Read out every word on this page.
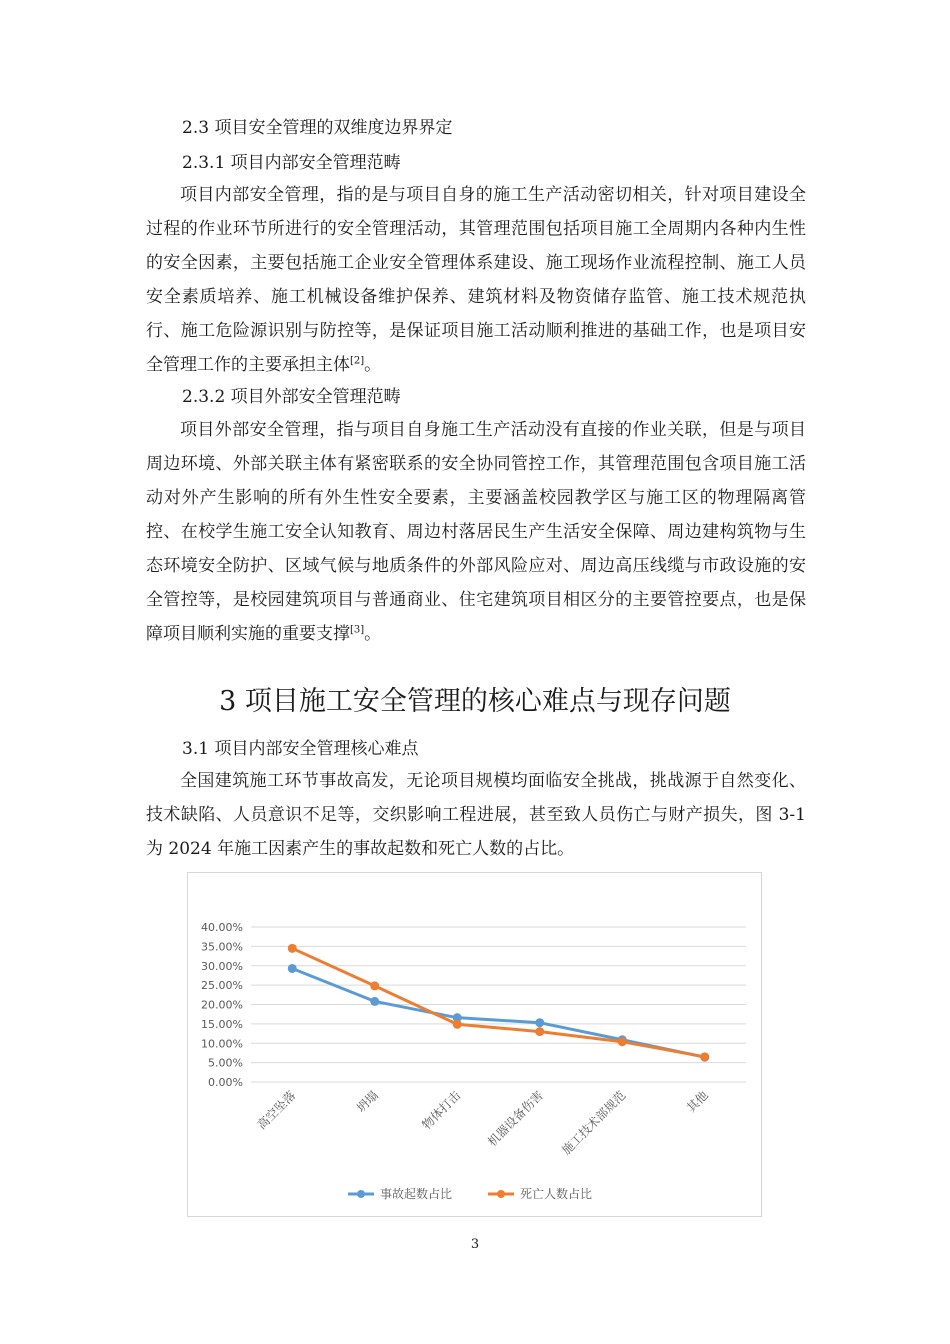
2.3 项目安全管理的双维度边界界定
2.3.1 项目内部安全管理范畴
项目内部安全管理，指的是与项目自身的施工生产活动密切相关，针对项目建设全过程的作业环节所进行的安全管理活动，其管理范围包括项目施工全周期内各种内生性的安全因素，主要包括施工企业安全管理体系建设、施工现场作业流程控制、施工人员安全素质培养、施工机械设备维护保养、建筑材料及物资储存监管、施工技术规范执行、施工危险源识别与防控等，是保证项目施工活动顺利推进的基础工作，也是项目安全管理工作的主要承担主体[2]。
2.3.2 项目外部安全管理范畴
项目外部安全管理，指与项目自身施工生产活动没有直接的作业关联，但是与项目周边环境、外部关联主体有紧密联系的安全协同管控工作，其管理范围包含项目施工活动对外产生影响的所有外生性安全要素，主要涵盖校园教学区与施工区的物理隔离管控、在校学生施工安全认知教育、周边村落居民生产生活安全保障、周边建构筑物与生态环境安全防护、区域气候与地质条件的外部风险应对、周边高压线缆与市政设施的安全管控等，是校园建筑项目与普通商业、住宅建筑项目相区分的主要管控要点，也是保障项目顺利实施的重要支撑[3]。
3 项目施工安全管理的核心难点与现存问题
3.1 项目内部安全管理核心难点
全国建筑施工环节事故高发，无论项目规模均面临安全挑战，挑战源于自然变化、技术缺陷、人员意识不足等，交织影响工程进展，甚至致人员伤亡与财产损失，图 3-1 为 2024 年施工因素产生的事故起数和死亡人数的占比。
40.00%
35.00%
30.00%
25.00%
20.00%
15.00%
10.00%
5.00%
0.00%
高空坠落	坍塌	物体打击 机器设备伤害 施工技术部规范	其他
事故起数占比	死亡人数占比
3
